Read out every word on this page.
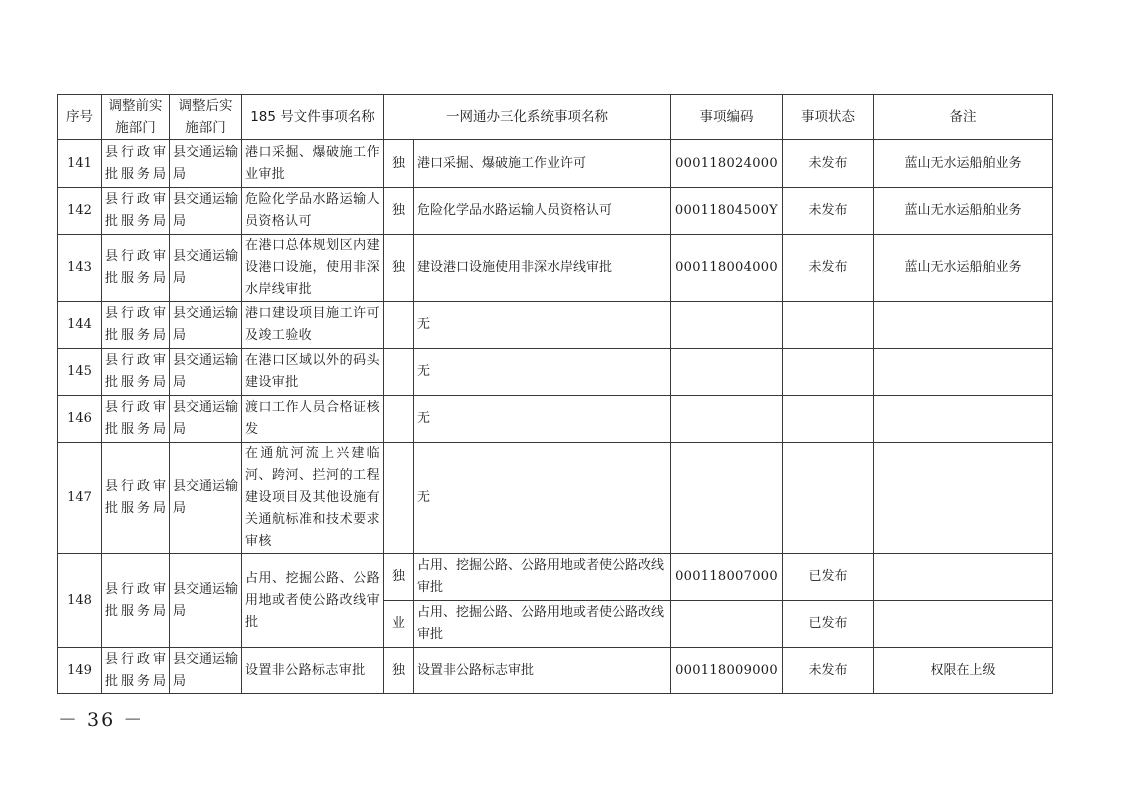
序号	调整前实施部门	调整后实施部门	185 号文件事项名称	一网通办三化系统事项名称		事项编码	事项状态	备注
141	县行政审批服务局	县交通运输局	港口采掘、爆破施工作业审批	独	港口采掘、爆破施工作业许可	000118024000	未发布	蓝山无水运船舶业务
142	县行政审批服务局	县交通运输局	危险化学品水路运输人员资格认可	独	危险化学品水路运输人员资格认可	00011804500Y	未发布	蓝山无水运船舶业务
143	县行政审批服务局	县交通运输局	在港口总体规划区内建设港口设施，使用非深水岸线审批	独	建设港口设施使用非深水岸线审批	000118004000	未发布	蓝山无水运船舶业务
144	县行政审批服务局	县交通运输局	港口建设项目施工许可及竣工验收		无			
145	县行政审批服务局	县交通运输局	在港口区域以外的码头建设审批		无			
146	县行政审批服务局	县交通运输局	渡口工作人员合格证核发		无			
147	县行政审批服务局	县交通运输局	在通航河流上兴建临河、跨河、拦河的工程建设项目及其他设施有关通航标准和技术要求审核		无			
148	县行政审批服务局	县交通运输局	占用、挖掘公路、公路用地或者使公路改线审批	独	占用、挖掘公路、公路用地或者使公路改线审批	000118007000	已发布	
				业	占用、挖掘公路、公路用地或者使公路改线审批		已发布	
149	县行政审批服务局	县交通运输局	设置非公路标志审批	独	设置非公路标志审批	000118009000	未发布	权限在上级
－ 36 －
